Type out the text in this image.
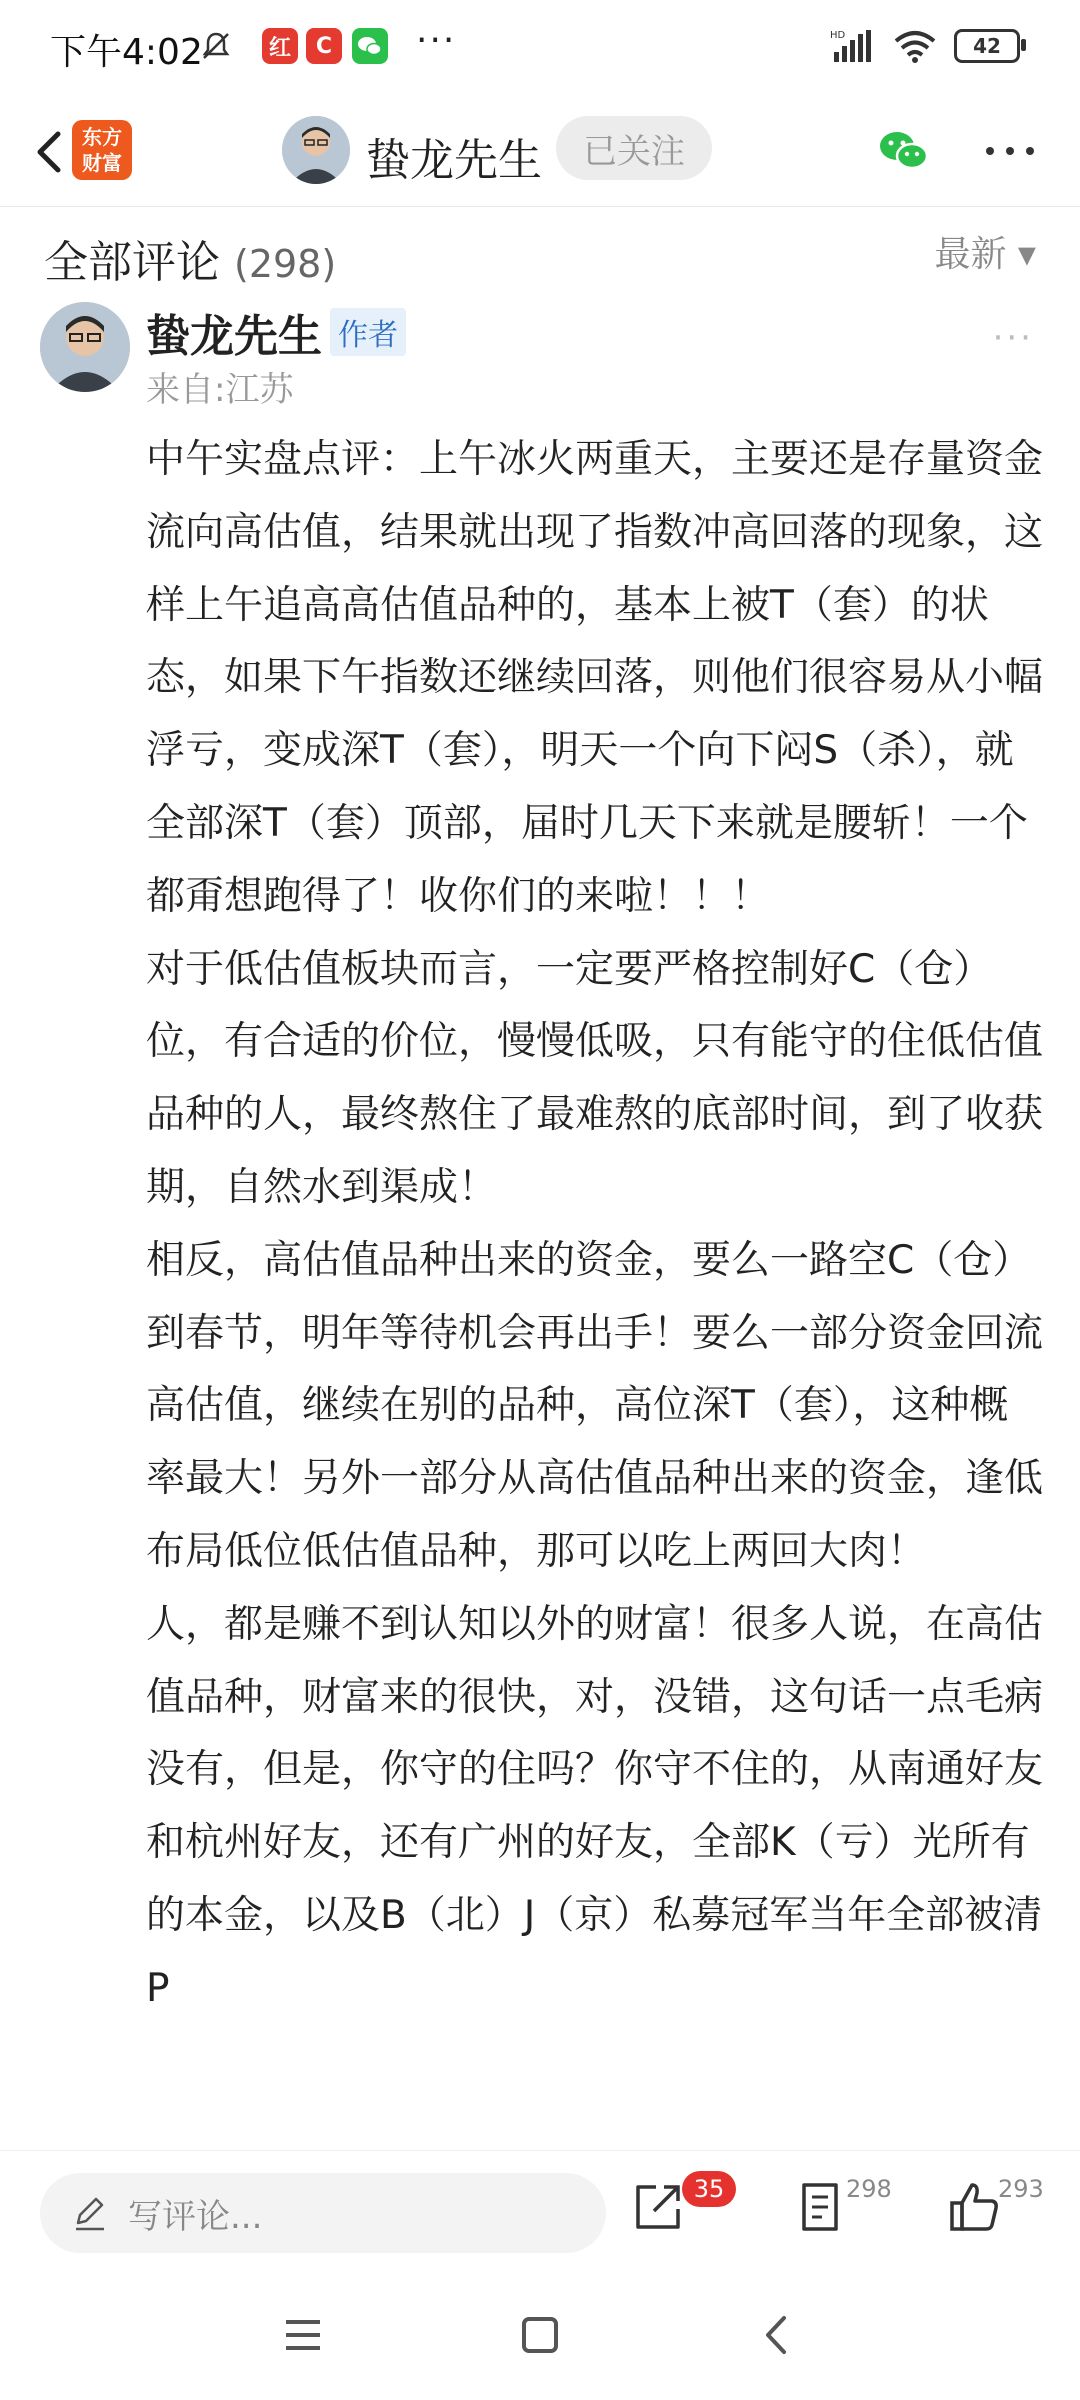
下午4:02	红	C ···	HD	42
东方
财富	蛰龙先生	已关注
全部评论 (298)	最新 ▾
蛰龙先生 作者
来自:江苏
···

中午实盘点评：上午冰火两重天，主要还是存量资金流向高估值，结果就出现了指数冲高回落的现象，这样上午追高高估值品种的，基本上被T（套）的状态，如果下午指数还继续回落，则他们很容易从小幅浮亏，变成深T（套），明天一个向下闷S（杀），就全部深T（套）顶部，届时几天下来就是腰斩！一个都甭想跑得了！收你们的来啦！！！

对于低估值板块而言，一定要严格控制好C（仓）位，有合适的价位，慢慢低吸，只有能守的住低估值品种的人，最终熬住了最难熬的底部时间，到了收获期，自然水到渠成！

相反，高估值品种出来的资金，要么一路空C（仓）到春节，明年等待机会再出手！要么一部分资金回流高估值，继续在别的品种，高位深T（套），这种概率最大！另外一部分从高估值品种出来的资金，逢低布局低位低估值品种，那可以吃上两回大肉！

人，都是赚不到认知以外的财富！很多人说，在高估值品种，财富来的很快，对，没错，这句话一点毛病没有，但是，你守的住吗？你守不住的，从南通好友和杭州好友，还有广州的好友，全部K（亏）光所有的本金，以及B（北）J（京）私募冠军当年全部被清P

写评论...
35	298	293
